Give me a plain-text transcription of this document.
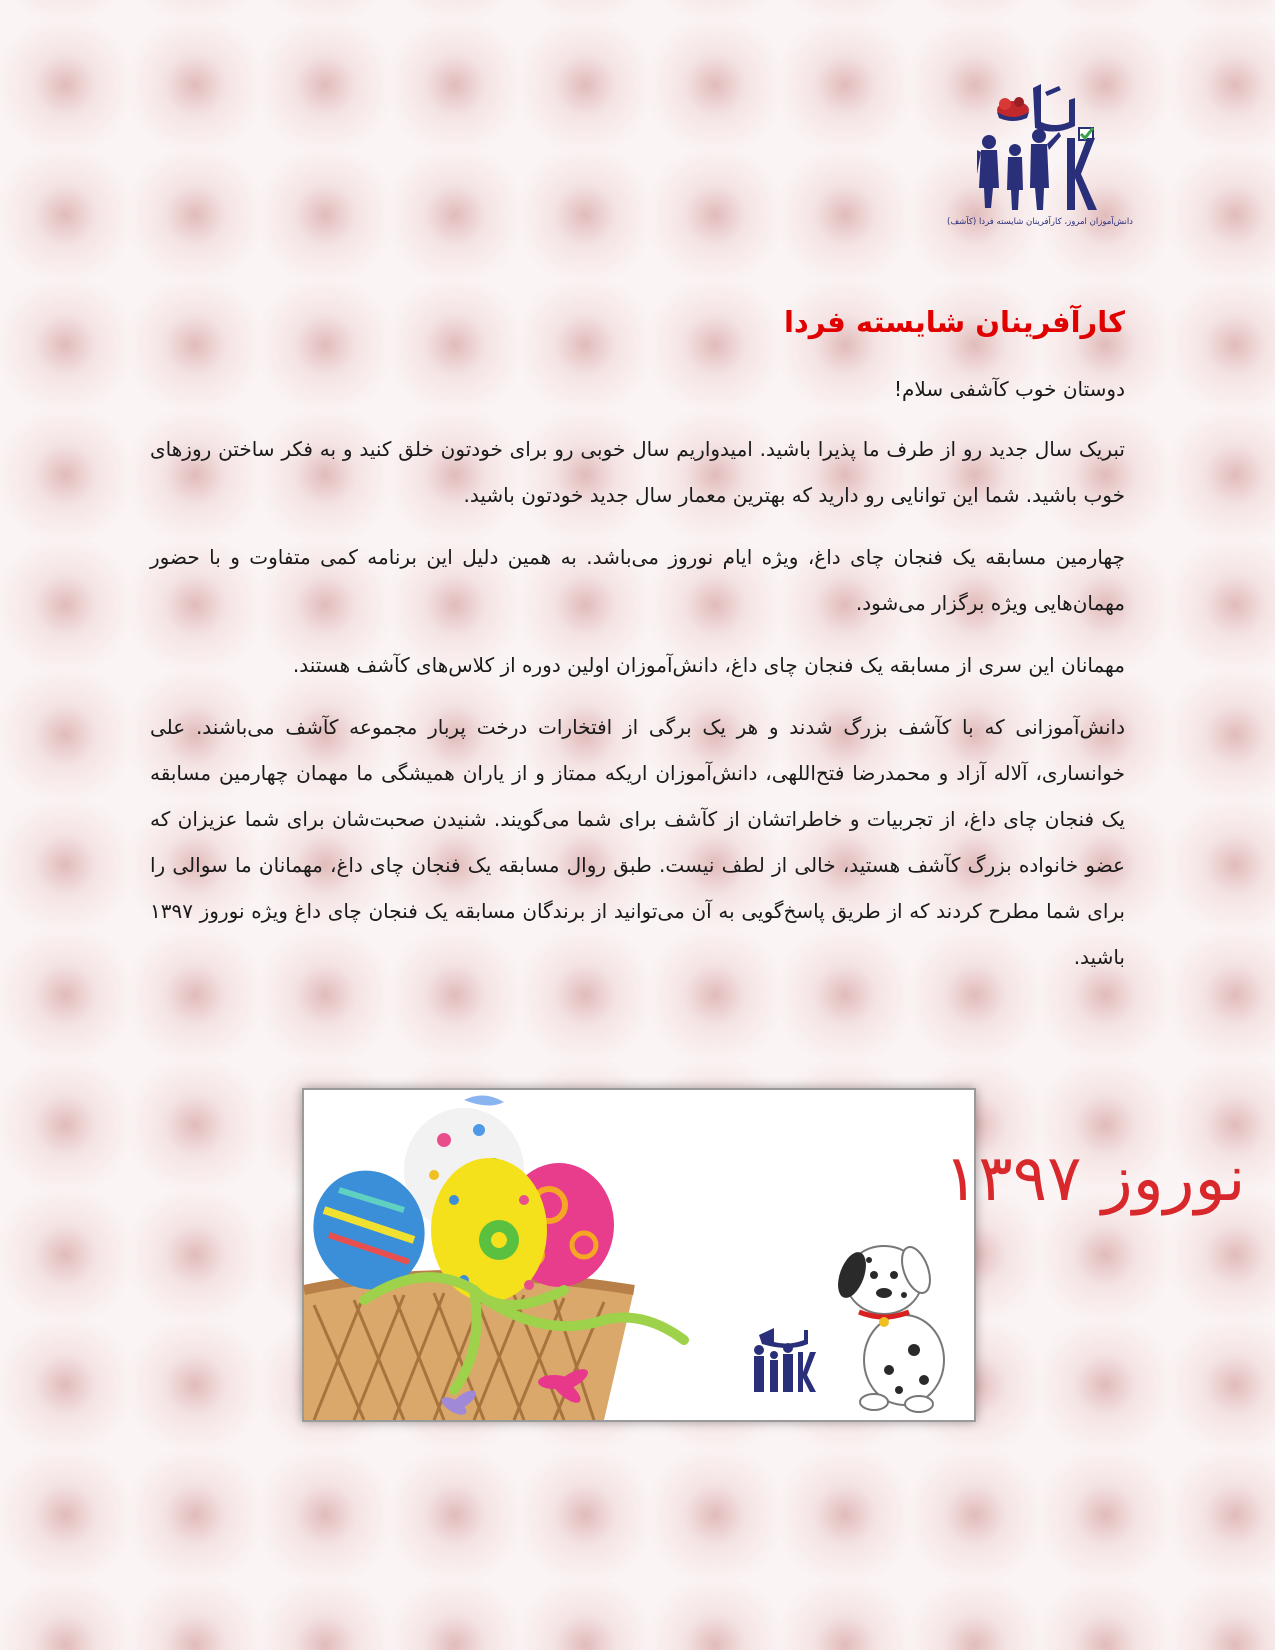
دانش‌آموزان امروز، کارآفرینان شایسته فردا (کآشف)
کارآفرینان شایسته فردا

دوستان خوب کآشفی سلام!

تبریک سال جدید رو از طرف ما پذیرا باشید. امیدواریم سال خوبی رو برای خودتون خلق کنید و به فکر ساختن روزهای خوب باشید. شما این توانایی رو دارید که بهترین معمار سال جدید خودتون باشید.

چهارمین مسابقه یک فنجان چای داغ، ویژه ایام نوروز می‌باشد. به همین دلیل این برنامه کمی متفاوت و با حضور مهمان‌هایی ویژه برگزار می‌شود.

مهمانان این سری از مسابقه یک فنجان چای داغ، دانش‌آموزان اولین دوره از کلاس‌های کآشف هستند.

دانش‌آموزانی که با کآشف بزرگ شدند و هر یک برگی از افتخارات درخت پربار مجموعه کآشف می‌باشند. علی خوانساری، آلاله آزاد و محمدرضا فتح‌اللهی، دانش‌آموزان اریکه ممتاز و از یاران همیشگی ما مهمان چهارمین مسابقه یک فنجان چای داغ، از تجربیات و خاطراتشان از کآشف برای شما می‌گویند. شنیدن صحبت‌شان برای شما عزیزان که عضو خانواده بزرگ کآشف هستید، خالی از لطف نیست. طبق روال مسابقه یک فنجان چای داغ، مهمانان ما سوالی را برای شما مطرح کردند که از طریق پاسخ‌گویی به آن می‌توانید از برندگان مسابقه یک فنجان چای داغ ویژه نوروز ۱۳۹۷ باشید.

نوروز ۱۳۹۷
